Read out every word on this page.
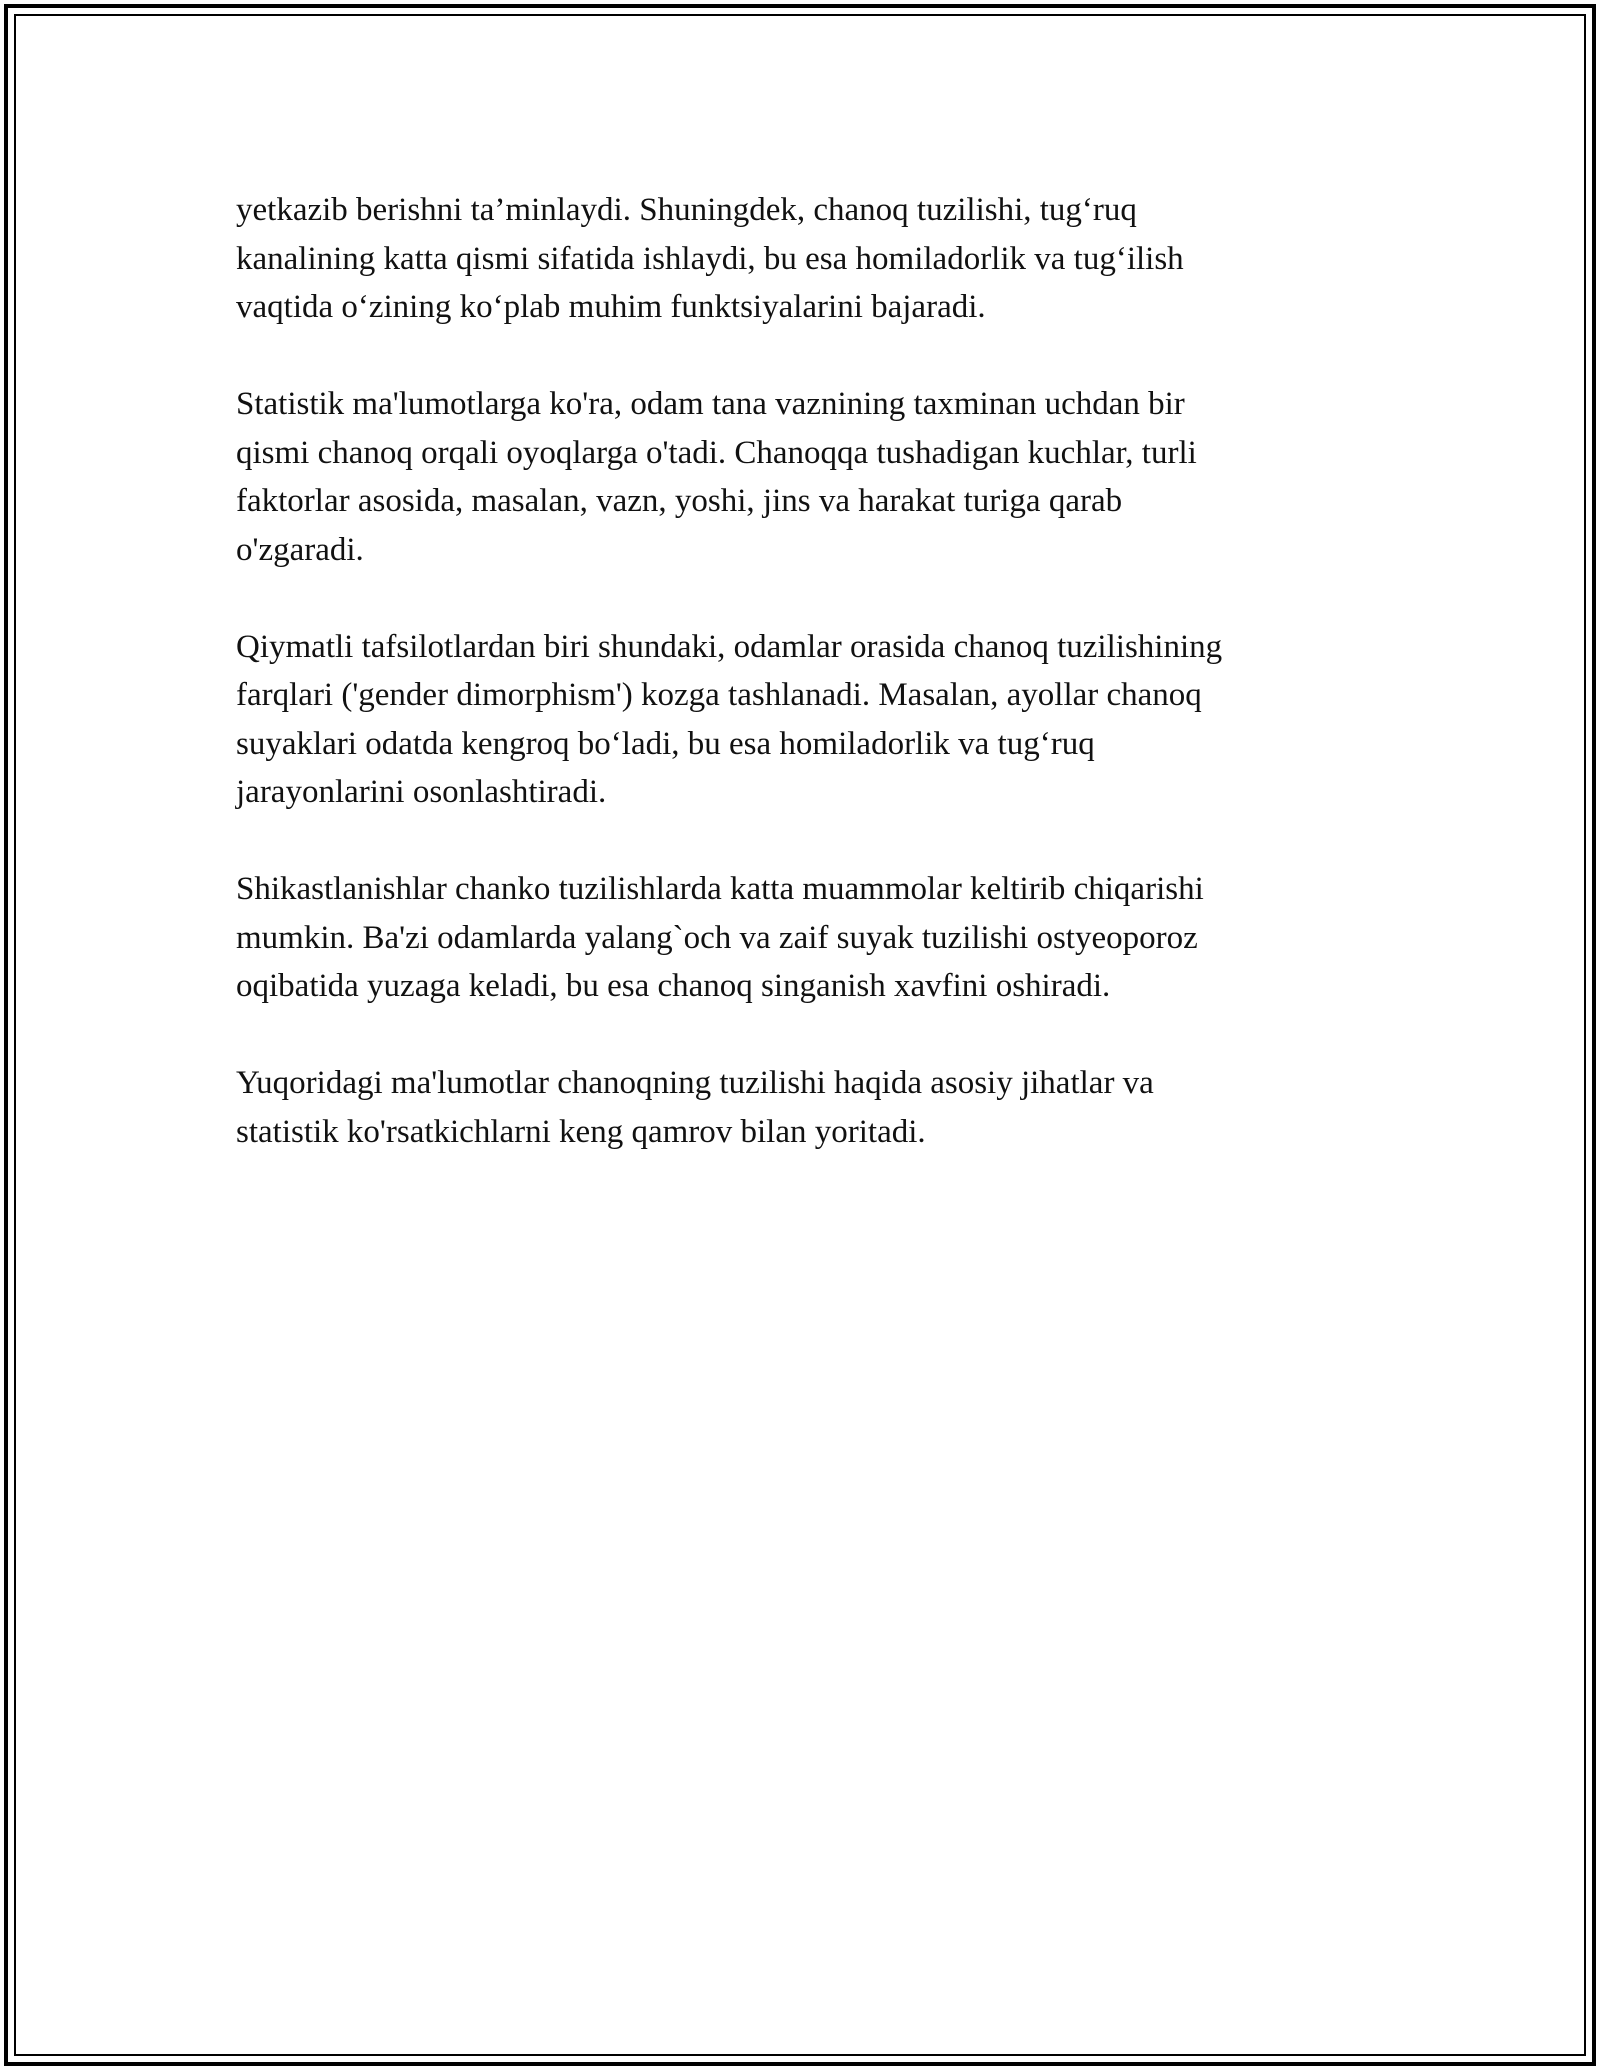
yetkazib berishni ta’minlaydi. Shuningdek, chanoq tuzilishi, tug‘ruq
kanalining katta qismi sifatida ishlaydi, bu esa homiladorlik va tug‘ilish
vaqtida o‘zining ko‘plab muhim funktsiyalarini bajaradi.

Statistik ma'lumotlarga ko'ra, odam tana vaznining taxminan uchdan bir
qismi chanoq orqali oyoqlarga o'tadi. Chanoqqa tushadigan kuchlar, turli
faktorlar asosida, masalan, vazn, yoshi, jins va harakat turiga qarab
o'zgaradi.

Qiymatli tafsilotlardan biri shundaki, odamlar orasida chanoq tuzilishining
farqlari ('gender dimorphism') kozga tashlanadi. Masalan, ayollar chanoq
suyaklari odatda kengroq bo‘ladi, bu esa homiladorlik va tug‘ruq
jarayonlarini osonlashtiradi.

Shikastlanishlar chanko tuzilishlarda katta muammolar keltirib chiqarishi
mumkin. Ba'zi odamlarda yalang`och va zaif suyak tuzilishi ostyeoporoz
oqibatida yuzaga keladi, bu esa chanoq singanish xavfini oshiradi.

Yuqoridagi ma'lumotlar chanoqning tuzilishi haqida asosiy jihatlar va
statistik ko'rsatkichlarni keng qamrov bilan yoritadi.
